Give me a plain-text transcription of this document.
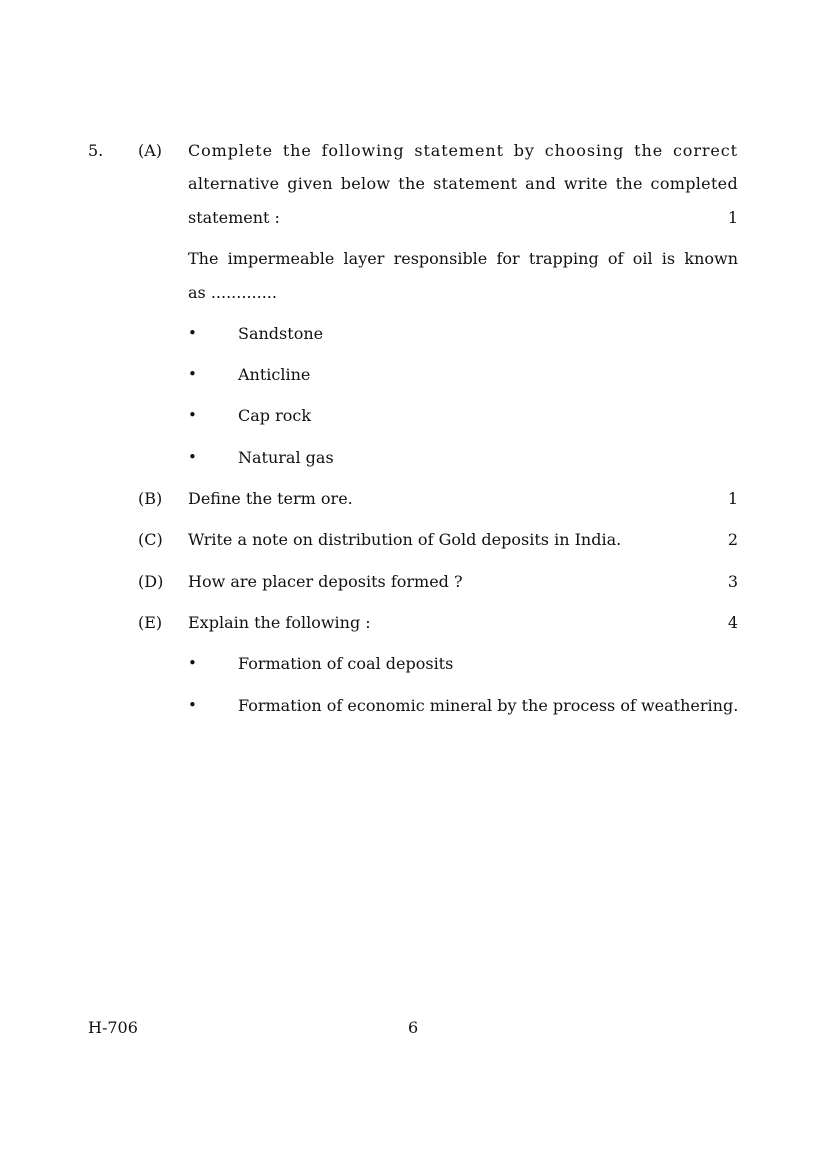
5. (A) Complete the following statement by choosing the correct
alternative given below the statement and write the completed
statement :	1
The impermeable layer responsible for trapping of oil is known
as .............
•	Sandstone
•	Anticline
•	Cap rock
•	Natural gas
(B) Define the term ore.	1
(C) Write a note on distribution of Gold deposits in India.	2
(D) How are placer deposits formed ?	3
(E) Explain the following :	4
•	Formation of coal deposits
•	Formation of economic mineral by the process of weathering.
H-706	6
